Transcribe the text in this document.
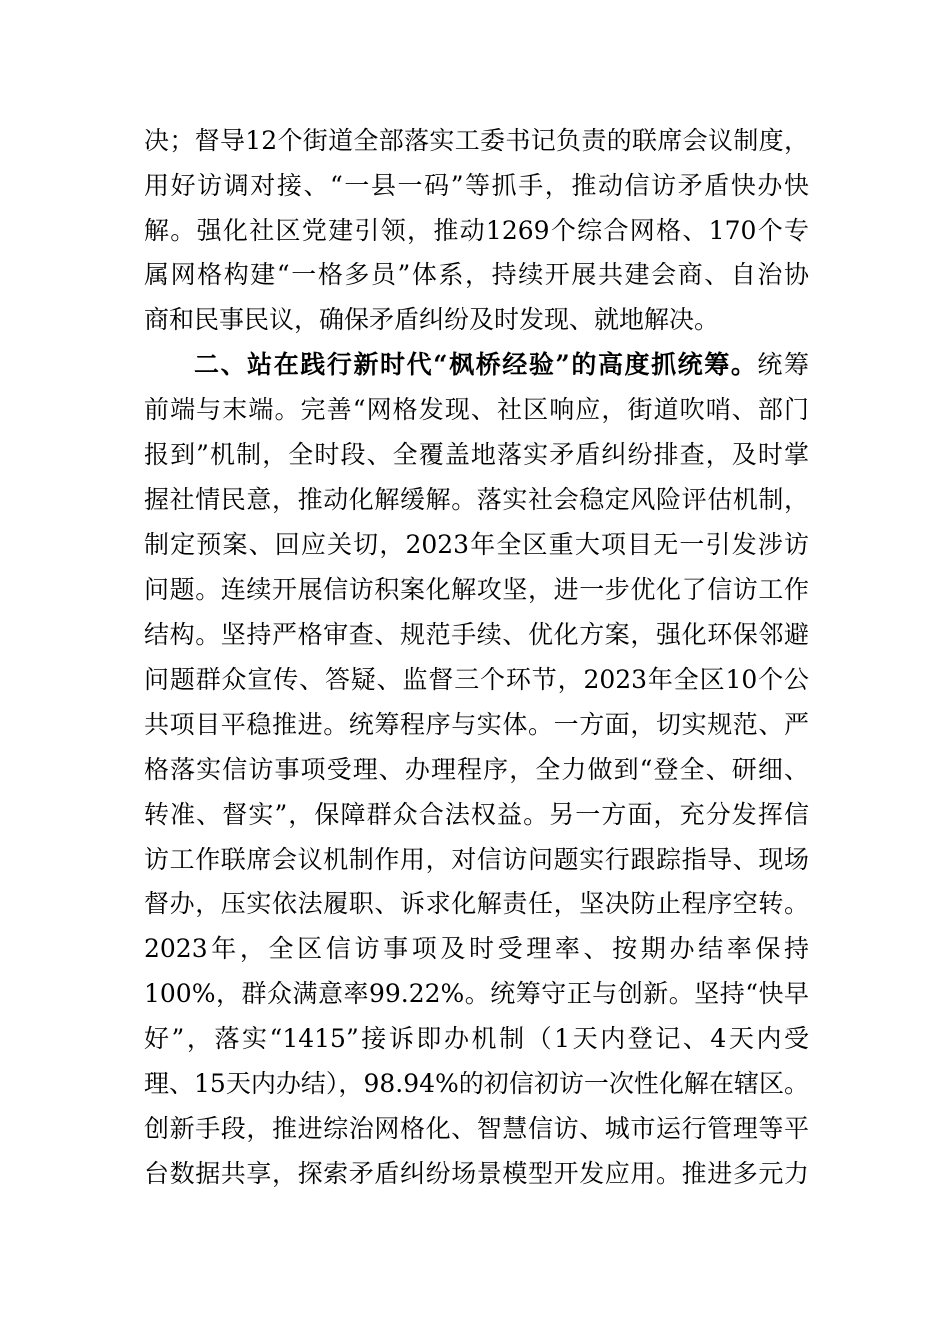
决；督导12个街道全部落实工委书记负责的联席会议制度，
用好访调对接、“一县一码”等抓手，推动信访矛盾快办快
解。强化社区党建引领，推动1269个综合网格、170个专
属网格构建“一格多员”体系，持续开展共建会商、自治协
商和民事民议，确保矛盾纠纷及时发现、就地解决。
二、站在践行新时代“枫桥经验”的高度抓统筹。统筹
前端与末端。完善“网格发现、社区响应，街道吹哨、部门
报到”机制，全时段、全覆盖地落实矛盾纠纷排查，及时掌
握社情民意，推动化解缓解。落实社会稳定风险评估机制，
制定预案、回应关切，2023年全区重大项目无一引发涉访
问题。连续开展信访积案化解攻坚，进一步优化了信访工作
结构。坚持严格审查、规范手续、优化方案，强化环保邻避
问题群众宣传、答疑、监督三个环节，2023年全区10个公
共项目平稳推进。统筹程序与实体。一方面，切实规范、严
格落实信访事项受理、办理程序，全力做到“登全、研细、
转准、督实”，保障群众合法权益。另一方面，充分发挥信
访工作联席会议机制作用，对信访问题实行跟踪指导、现场
督办，压实依法履职、诉求化解责任，坚决防止程序空转。
2023年，全区信访事项及时受理率、按期办结率保持
100%，群众满意率99.22%。统筹守正与创新。坚持“快早
好”，落实“1415”接诉即办机制（1天内登记、4天内受
理、15天内办结），98.94%的初信初访一次性化解在辖区。
创新手段，推进综治网格化、智慧信访、城市运行管理等平
台数据共享，探索矛盾纠纷场景模型开发应用。推进多元力
